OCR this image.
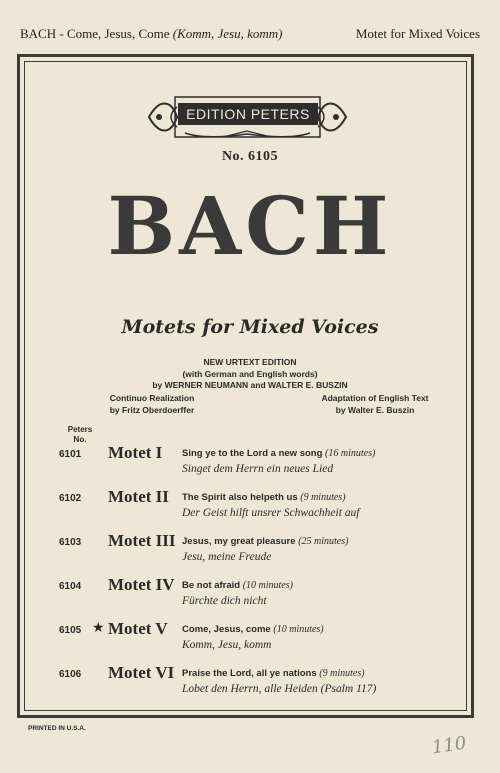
BACH - Come, Jesus, Come (Komm, Jesu, komm)	Motet for Mixed Voices
EDITION PETERS
No. 6105
BACH
Motets for Mixed Voices
NEW URTEXT EDITION
(with German and English words)
by WERNER NEUMANN and WALTER E. BUSZIN
Continuo Realization
by Fritz Oberdoerffer
Adaptation of English Text
by Walter E. Buszin
Peters
No.
6101 Motet I Sing ye to the Lord a new song (16 minutes)
Singet dem Herrn ein neues Lied
6102 Motet II The Spirit also helpeth us (9 minutes)
Der Geist hilft unsrer Schwachheit auf
6103 Motet III Jesus, my great pleasure (25 minutes)
Jesu, meine Freude
6104 Motet IV Be not afraid (10 minutes)
Fürchte dich nicht
6105 ★ Motet V Come, Jesus, come (10 minutes)
Komm, Jesu, komm
6106 Motet VI Praise the Lord, all ye nations (9 minutes)
Lobet den Herrn, alle Heiden (Psalm 117)
PRINTED IN U.S.A.
110
